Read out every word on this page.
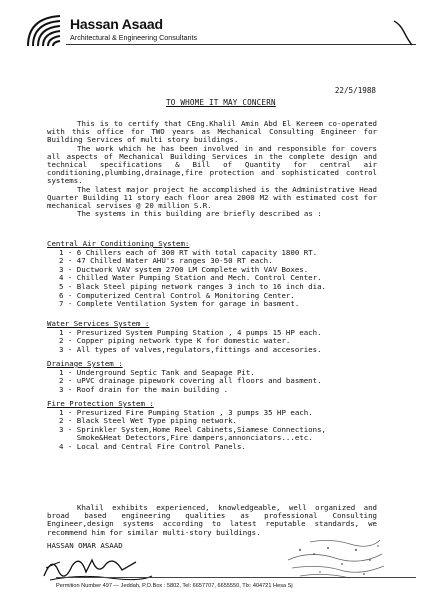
Hassan Asaad
Architectural & Engineering Consultants
22/5/1988
TO WHOME IT MAY CONCERN

This is to certify that CEng.Khalil Amin Abd El Kereem co-operated with this office for TWO years as Mechanical Consulting Engineer for Building Services of multi story buildings.

The work which he has been involved in and responsible for covers all aspects of Mechanical Building Services in the complete design and technical specifications & Bill of Quantity for central air conditioning,plumbing,drainage,fire protection and sophisticated control systems.

The latest major project he accomplished is the Administrative Head Quarter Building 11 story each floor area 2000 M2 with estimated cost for mechanical servises @ 20 million S.R.

The systems in this building are briefly described as :

Central Air Conditioning System:

1 - 6 Chillers each of 300 RT with total capacity 1800 RT.

2 - 47 Chilled Water AHU's ranges 30-50 RT each.

3 - Ductwork VAV system 2700 LM Complete with VAV Boxes.

4 - Chilled Water Pumping Station and Mech. Control Center.

5 - Black Steel piping network ranges 3 inch to 16 inch dia.

6 - Computerized Central Control & Monitoring Center.

7 - Complete Ventilation System for garage in basment.

Water Services System :

1 - Presurized System Pumping Station , 4 pumps 15 HP each.

2 - Copper piping network type K for domestic water.

3 - All types of valves,regulators,fittings and accesories.

Drainage System :

1 - Underground Septic Tank and Seapage Pit.

2 - uPVC drainage pipework covering all floors and basment.

3 - Roof drain for the main building .

Fire Protection System :

1 - Presurized Fire Pumping Station , 3 pumps 35 HP each.

2 - Black Steel Wet Type piping network.

3 - Sprinkler System,Home Reel Cabinets,Siamese Connections,

Smoke&Heat Detectors,Fire dampers,annonciators...etc.

4 - Local and Central Fire Control Panels.

Khalil exhibits experienced, knowledgeable, well organized and broad based engineering qualities as professional Consulting Engineer,design systems according to latest reputable standards, we recommend him for similar multi-story buildings.

HASSAN OMAR ASAAD
Permition Number 497 — Jeddah, P.O.Box : 5802, Tel: 6657707, 6655550, Tlx: 404721 Hesa Sj
